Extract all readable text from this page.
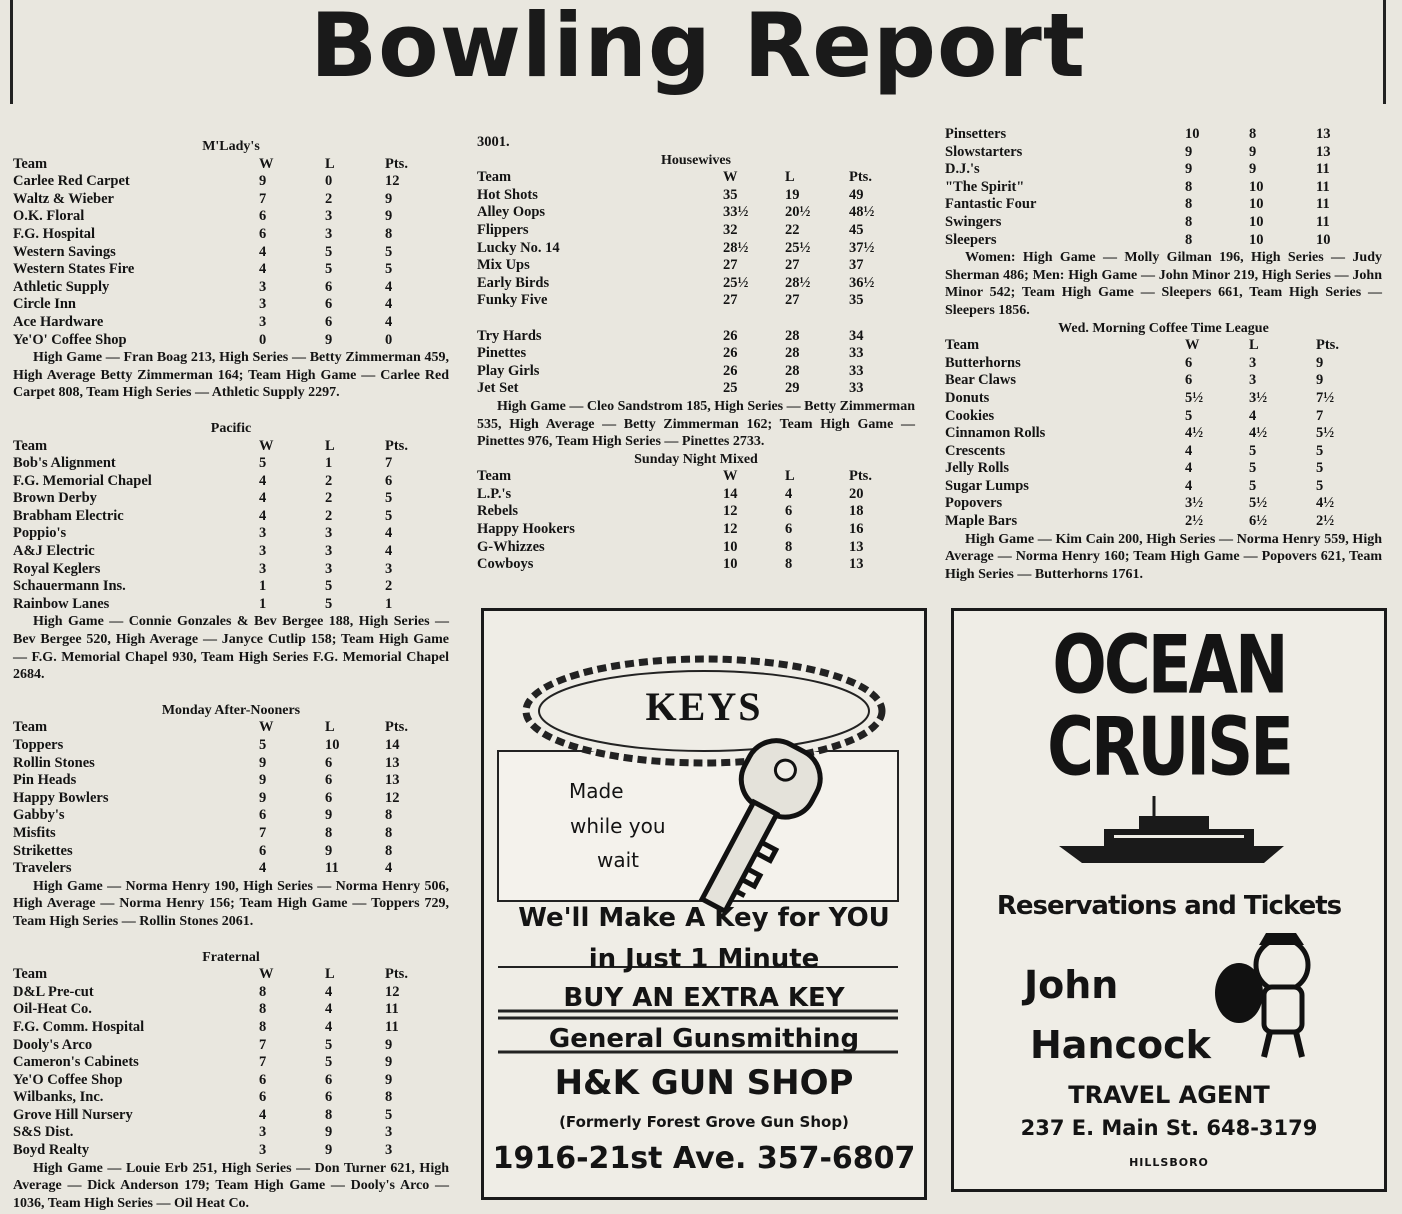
Bowling Report
M'Lady's
Team	W	L	Pts.
Carlee Red Carpet	9	0	12
Waltz & Wieber	7	2	9
O.K. Floral	6	3	9
F.G. Hospital	6	3	8
Western Savings	4	5	5
Western States Fire	4	5	5
Athletic Supply	3	6	4
Circle Inn	3	6	4
Ace Hardware	3	6	4
Ye'O' Coffee Shop	0	9	0
High Game — Fran Boag 213, High Series — Betty Zimmerman 459, High Average Betty Zimmerman 164; Team High Game — Carlee Red Carpet 808, Team High Series — Athletic Supply 2297.
Pacific
Team	W	L	Pts.
Bob's Alignment	5	1	7
F.G. Memorial Chapel	4	2	6
Brown Derby	4	2	5
Brabham Electric	4	2	5
Poppio's	3	3	4
A&J Electric	3	3	4
Royal Keglers	3	3	3
Schauermann Ins.	1	5	2
Rainbow Lanes	1	5	1
High Game — Connie Gonzales & Bev Bergee 188, High Series — Bev Bergee 520, High Average — Janyce Cutlip 158; Team High Game — F.G. Memorial Chapel 930, Team High Series F.G. Memorial Chapel 2684.
Monday After-Nooners
Team	W	L	Pts.
Toppers	5	10	14
Rollin Stones	9	6	13
Pin Heads	9	6	13
Happy Bowlers	9	6	12
Gabby's	6	9	8
Misfits	7	8	8
Strikettes	6	9	8
Travelers	4	11	4
High Game — Norma Henry 190, High Series — Norma Henry 506, High Average — Norma Henry 156; Team High Game — Toppers 729, Team High Series — Rollin Stones 2061.
Fraternal
Team	W	L	Pts.
D&L Pre-cut	8	4	12
Oil-Heat Co.	8	4	11
F.G. Comm. Hospital	8	4	11
Dooly's Arco	7	5	9
Cameron's Cabinets	7	5	9
Ye'O Coffee Shop	6	6	9
Wilbanks, Inc.	6	6	8
Grove Hill Nursery	4	8	5
S&S Dist.	3	9	3
Boyd Realty	3	9	3
High Game — Louie Erb 251, High Series — Don Turner 621, High Average — Dick Anderson 179; Team High Game — Dooly's Arco — 1036, Team High Series — Oil Heat Co.
3001.
Housewives
Team	W	L	Pts.
Hot Shots	35	19	49
Alley Oops	33½	20½	48½
Flippers	32	22	45
Lucky No. 14	28½	25½	37½
Mix Ups	27	27	37
Early Birds	25½	28½	36½
Funky Five	27	27	35
Try Hards	26	28	34
Pinettes	26	28	33
Play Girls	26	28	33
Jet Set	25	29	33
High Game — Cleo Sandstrom 185, High Series — Betty Zimmerman 535, High Average — Betty Zimmerman 162; Team High Game — Pinettes 976, Team High Series — Pinettes 2733.
Sunday Night Mixed
Team	W	L	Pts.
L.P.'s	14	4	20
Rebels	12	6	18
Happy Hookers	12	6	16
G-Whizzes	10	8	13
Cowboys	10	8	13
Pinsetters	10	8	13
Slowstarters	9	9	13
D.J.'s	9	9	11
"The Spirit"	8	10	11
Fantastic Four	8	10	11
Swingers	8	10	11
Sleepers	8	10	10
Women: High Game — Molly Gilman 196, High Series — Judy Sherman 486; Men: High Game — John Minor 219, High Series — John Minor 542; Team High Game — Sleepers 661, Team High Series — Sleepers 1856.
Wed. Morning Coffee Time League
Team	W	L	Pts.
Butterhorns	6	3	9
Bear Claws	6	3	9
Donuts	5½	3½	7½
Cookies	5	4	7
Cinnamon Rolls	4½	4½	5½
Crescents	4	5	5
Jelly Rolls	4	5	5
Sugar Lumps	4	5	5
Popovers	3½	5½	4½
Maple Bars	2½	6½	2½
High Game — Kim Cain 200, High Series — Norma Henry 559, High Average — Norma Henry 160; Team High Game — Popovers 621, Team High Series — Butterhorns 1761.
KEYS
Made
while you
wait
We'll Make A Key for YOU
in Just 1 Minute
BUY AN EXTRA KEY
General Gunsmithing
H&K GUN SHOP
(Formerly Forest Grove Gun Shop)
1916-21st Ave. 357-6807
OCEAN
CRUISE
Reservations and Tickets
John
Hancock
TRAVEL AGENT
237 E. Main St. 648-3179
HILLSBORO
